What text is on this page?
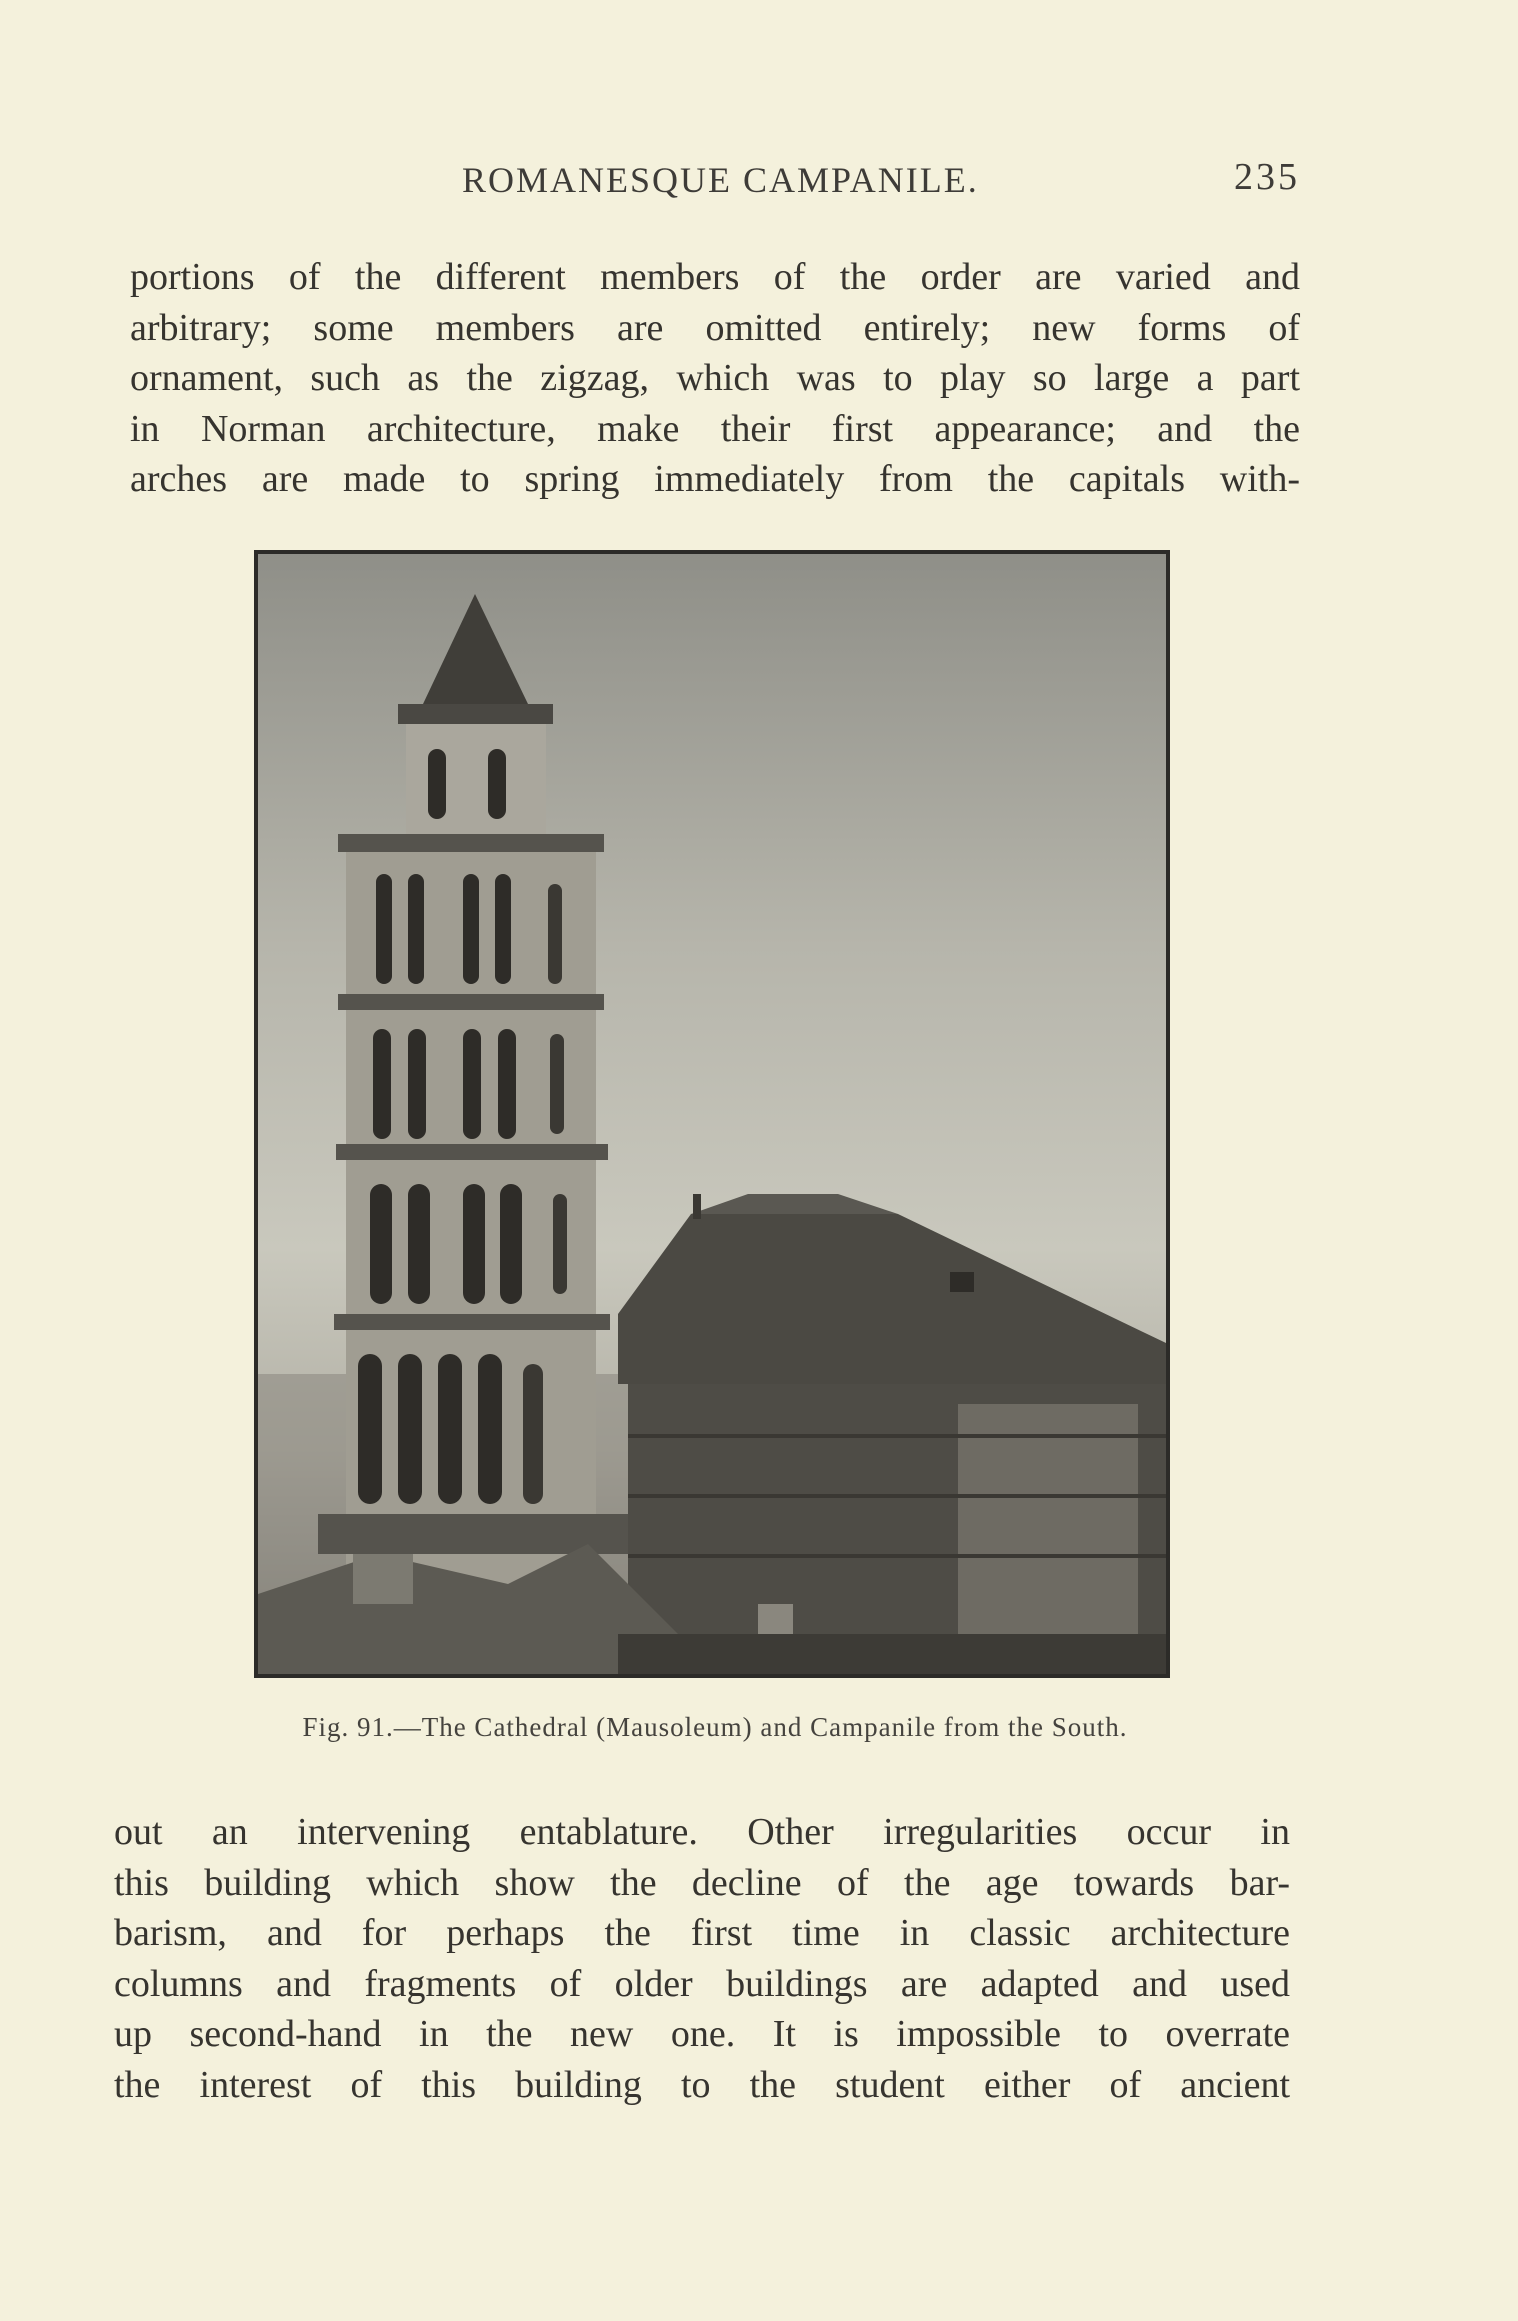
ROMANESQUE CAMPANILE.	235
portions of the different members of the order are varied and
arbitrary; some members are omitted entirely; new forms of
ornament, such as the zigzag, which was to play so large a part
in Norman architecture, make their first appearance; and the
arches are made to spring immediately from the capitals with-
Fig. 91.—The Cathedral (Mausoleum) and Campanile from the South.
out an intervening entablature. Other irregularities occur in
this building which show the decline of the age towards bar-
barism, and for perhaps the first time in classic architecture
columns and fragments of older buildings are adapted and used
up second-hand in the new one. It is impossible to overrate
the interest of this building to the student either of ancient
